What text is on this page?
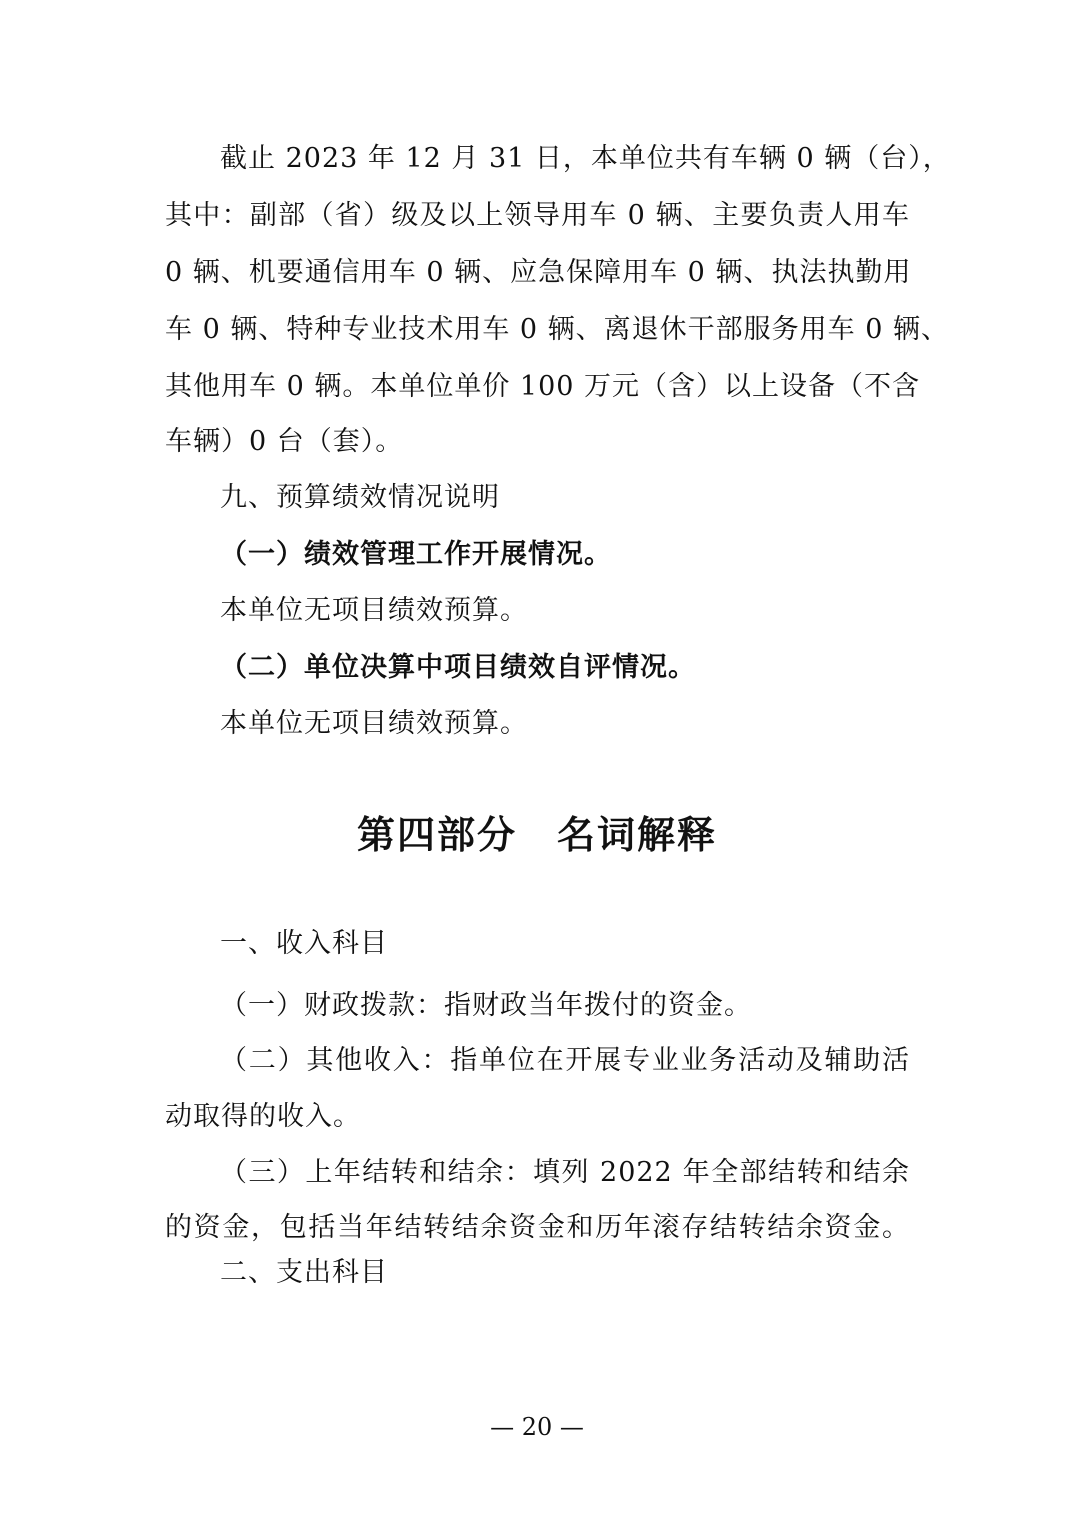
截止 2023 年 12 月 31 日，本单位共有车辆 0 辆（台），
其中：副部（省）级及以上领导用车 0 辆、主要负责人用车
0 辆、机要通信用车 0 辆、应急保障用车 0 辆、执法执勤用
车 0 辆、特种专业技术用车 0 辆、离退休干部服务用车 0 辆、
其他用车 0 辆。本单位单价 100 万元（含）以上设备（不含
车辆）0 台（套）。
九、预算绩效情况说明
（一）绩效管理工作开展情况。
本单位无项目绩效预算。
（二）单位决算中项目绩效自评情况。
本单位无项目绩效预算。
第四部分　名词解释
一、收入科目
（一）财政拨款：指财政当年拨付的资金。
（二）其他收入：指单位在开展专业业务活动及辅助活
动取得的收入。
（三）上年结转和结余：填列 2022 年全部结转和结余
的资金，包括当年结转结余资金和历年滚存结转结余资金。
二、支出科目
— 20 —
